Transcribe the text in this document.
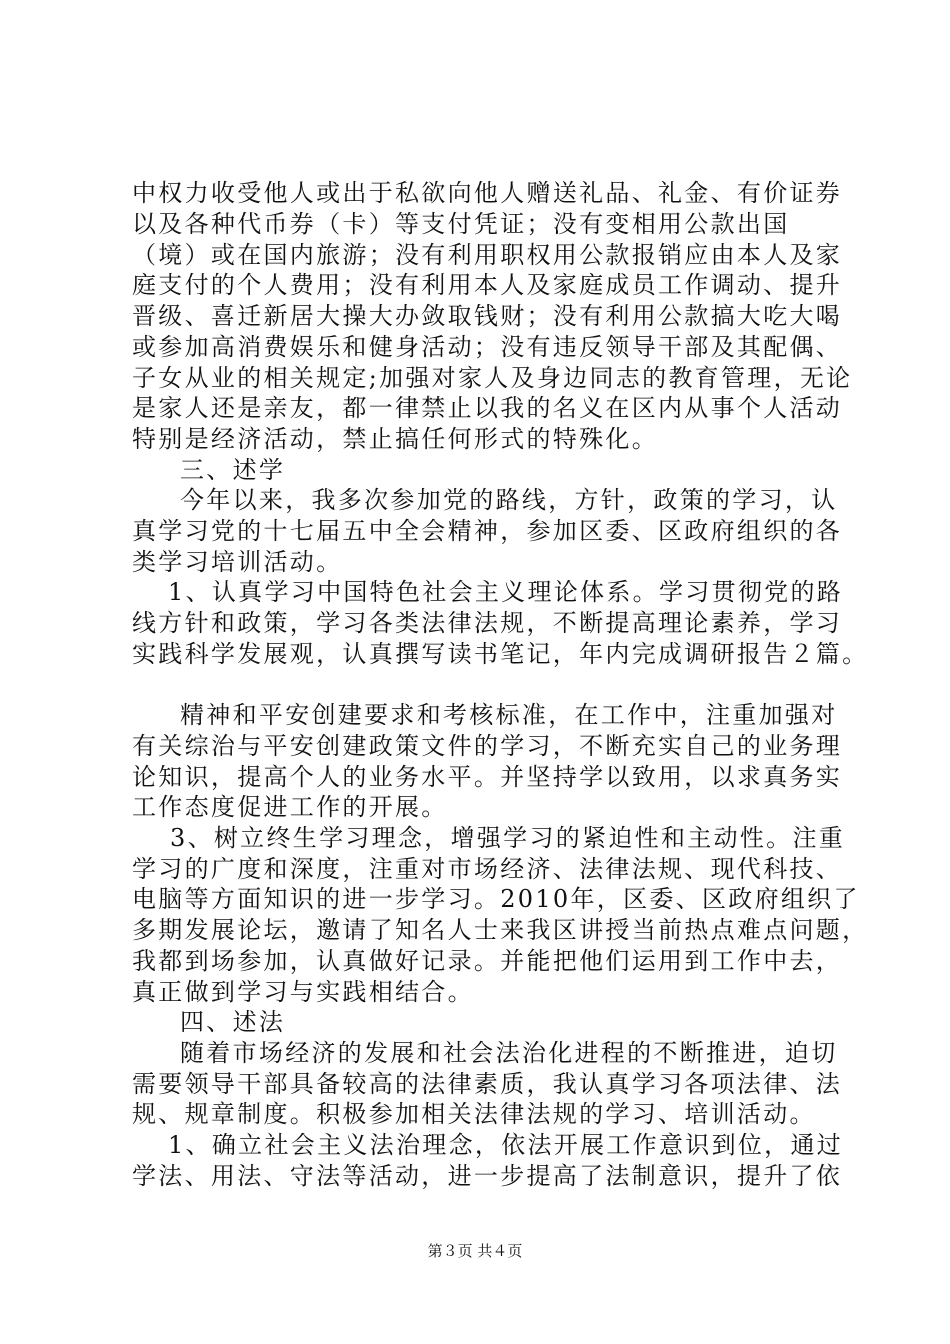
中权力收受他人或出于私欲向他人赠送礼品、礼金、有价证券
以及各种代币券（卡）等支付凭证；没有变相用公款出国
（境）或在国内旅游；没有利用职权用公款报销应由本人及家
庭支付的个人费用；没有利用本人及家庭成员工作调动、提升
晋级、喜迁新居大操大办敛取钱财；没有利用公款搞大吃大喝
或参加高消费娱乐和健身活动；没有违反领导干部及其配偶、
子女从业的相关规定;加强对家人及身边同志的教育管理，无论
是家人还是亲友，都一律禁止以我的名义在区内从事个人活动
特别是经济活动，禁止搞任何形式的特殊化。
三、述学
今年以来，我多次参加党的路线，方针，政策的学习，认
真学习党的十七届五中全会精神，参加区委、区政府组织的各
类学习培训活动。
1、认真学习中国特色社会主义理论体系。学习贯彻党的路
线方针和政策，学习各类法律法规，不断提高理论素养，学习
实践科学发展观，认真撰写读书笔记，年内完成调研报告２篇。
精神和平安创建要求和考核标准，在工作中，注重加强对
有关综治与平安创建政策文件的学习，不断充实自己的业务理
论知识，提高个人的业务水平。并坚持学以致用，以求真务实
工作态度促进工作的开展。
3、树立终生学习理念，增强学习的紧迫性和主动性。注重
学习的广度和深度，注重对市场经济、法律法规、现代科技、
电脑等方面知识的进一步学习。2010年，区委、区政府组织了
多期发展论坛，邀请了知名人士来我区讲授当前热点难点问题，
我都到场参加，认真做好记录。并能把他们运用到工作中去，
真正做到学习与实践相结合。
四、述法
随着市场经济的发展和社会法治化进程的不断推进，迫切
需要领导干部具备较高的法律素质，我认真学习各项法律、法
规、规章制度。积极参加相关法律法规的学习、培训活动。
1、确立社会主义法治理念，依法开展工作意识到位，通过
学法、用法、守法等活动，进一步提高了法制意识，提升了依
第３页 共４页
